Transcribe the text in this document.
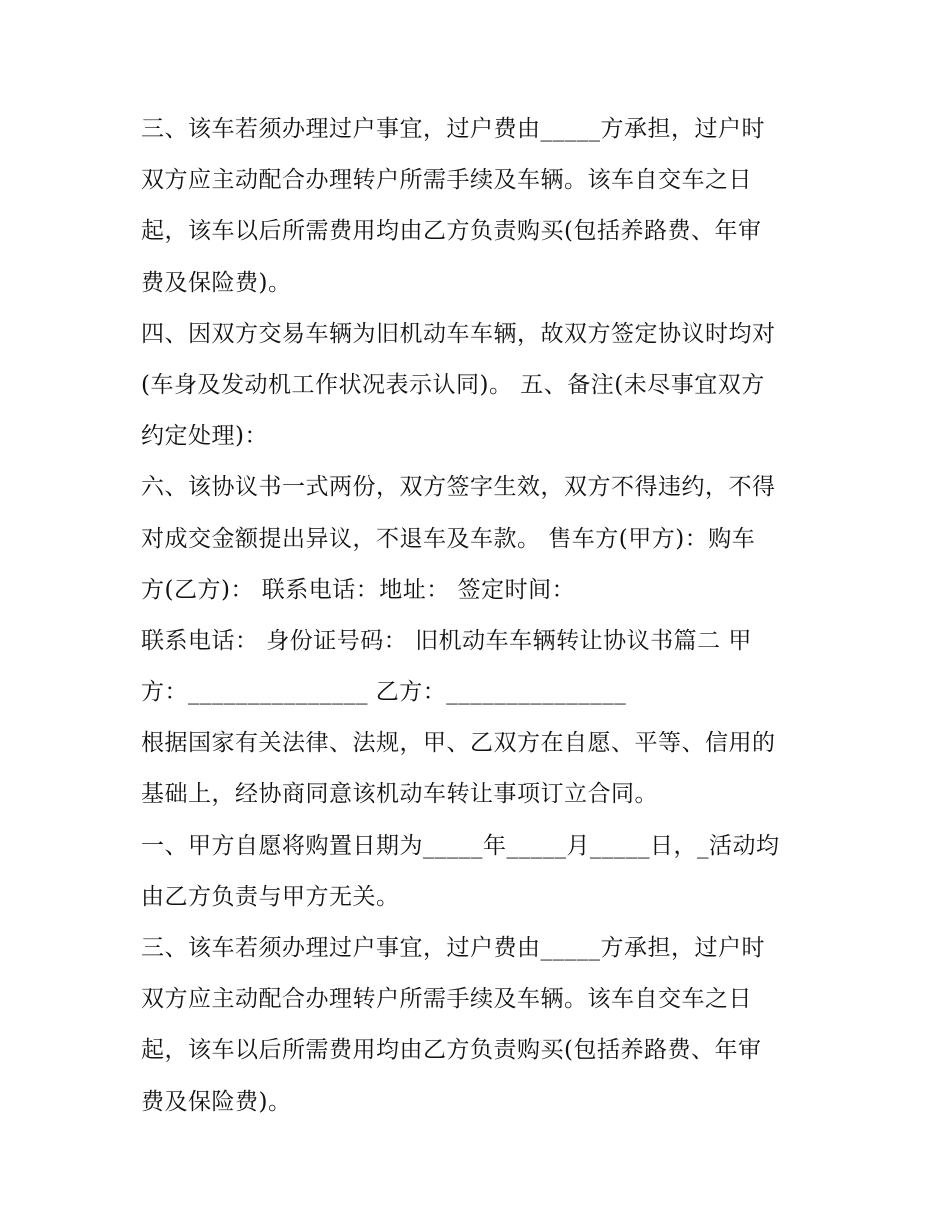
三、该车若须办理过户事宜，过户费由_____方承担，过户时
双方应主动配合办理转户所需手续及车辆。该车自交车之日
起，该车以后所需费用均由乙方负责购买(包括养路费、年审
费及保险费)。
四、因双方交易车辆为旧机动车车辆，故双方签定协议时均对
(车身及发动机工作状况表示认同)。 五、备注(未尽事宜双方
约定处理)：
六、该协议书一式两份，双方签字生效，双方不得违约，不得
对成交金额提出异议，不退车及车款。 售车方(甲方)：购车
方(乙方)： 联系电话：地址： 签定时间：
联系电话： 身份证号码： 旧机动车车辆转让协议书篇二 甲
方：_______________ 乙方：_______________
根据国家有关法律、法规，甲、乙双方在自愿、平等、信用的
基础上，经协商同意该机动车转让事项订立合同。
一、甲方自愿将购置日期为_____年_____月_____日，_活动均
由乙方负责与甲方无关。
三、该车若须办理过户事宜，过户费由_____方承担，过户时
双方应主动配合办理转户所需手续及车辆。该车自交车之日
起，该车以后所需费用均由乙方负责购买(包括养路费、年审
费及保险费)。
